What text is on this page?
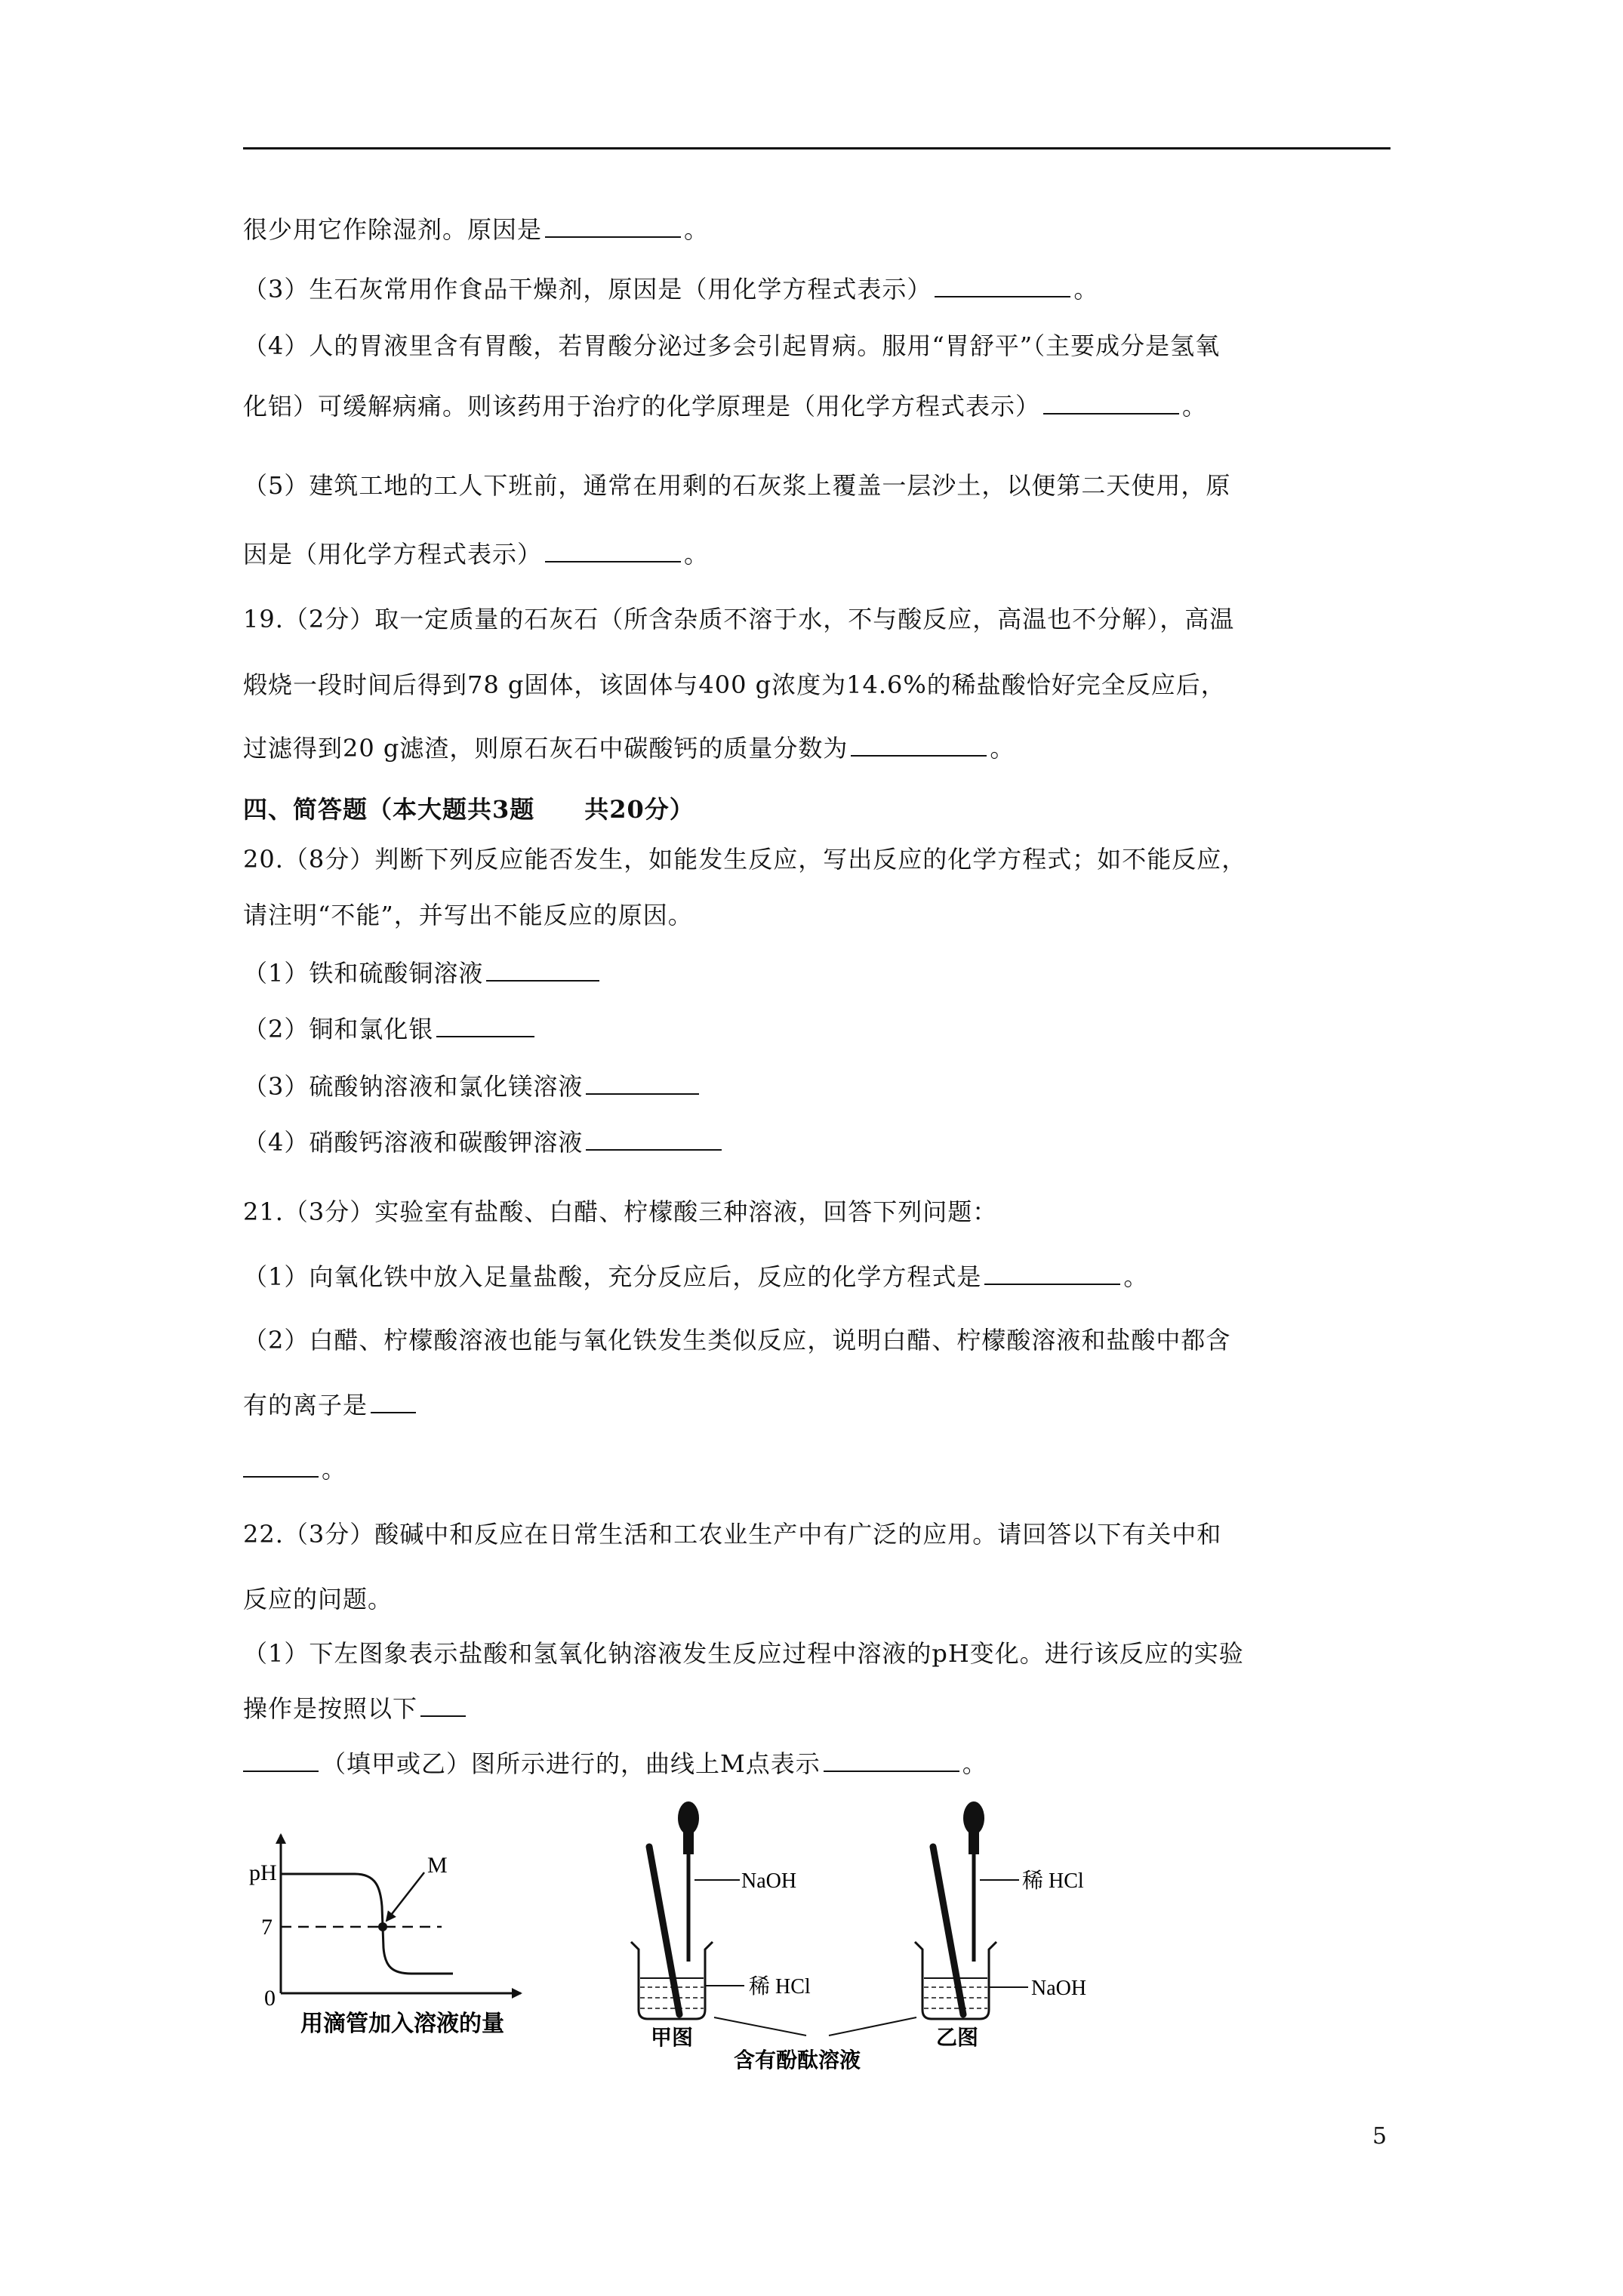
很少用它作除湿剂。原因是	。
（3）生石灰常用作食品干燥剂，原因是（用化学方程式表示）	。
（4）人的胃液里含有胃酸，若胃酸分泌过多会引起胃病。服用“胃舒平”（主要成分是氢氧
化铝）可缓解病痛。则该药用于治疗的化学原理是（用化学方程式表示）	。
（5）建筑工地的工人下班前，通常在用剩的石灰浆上覆盖一层沙土，以便第二天使用，原
因是（用化学方程式表示）	。
19.（2分）取一定质量的石灰石（所含杂质不溶于水，不与酸反应，高温也不分解），高温
煅烧一段时间后得到78 g固体，该固体与400 g浓度为14.6%的稀盐酸恰好完全反应后，
过滤得到20 g滤渣，则原石灰石中碳酸钙的质量分数为	。
四、简答题（本大题共3题　　共20分）
20.（8分）判断下列反应能否发生，如能发生反应，写出反应的化学方程式；如不能反应，
请注明“不能”，并写出不能反应的原因。
（1）铁和硫酸铜溶液
（2）铜和氯化银
（3）硫酸钠溶液和氯化镁溶液
（4）硝酸钙溶液和碳酸钾溶液
21.（3分）实验室有盐酸、白醋、柠檬酸三种溶液，回答下列问题：
（1）向氧化铁中放入足量盐酸，充分反应后，反应的化学方程式是	。
（2）白醋、柠檬酸溶液也能与氧化铁发生类似反应，说明白醋、柠檬酸溶液和盐酸中都含
有的离子是
。
22.（3分）酸碱中和反应在日常生活和工农业生产中有广泛的应用。请回答以下有关中和
反应的问题。
（1）下左图象表示盐酸和氢氧化钠溶液发生反应过程中溶液的pH变化。进行该反应的实验
操作是按照以下
（填甲或乙）图所示进行的，曲线上M点表示	。
pH
7
0
M
用滴管加入溶液的量
NaOH
稀 HCl
甲图
稀 HCl
NaOH
乙图
含有酚酞溶液
5
